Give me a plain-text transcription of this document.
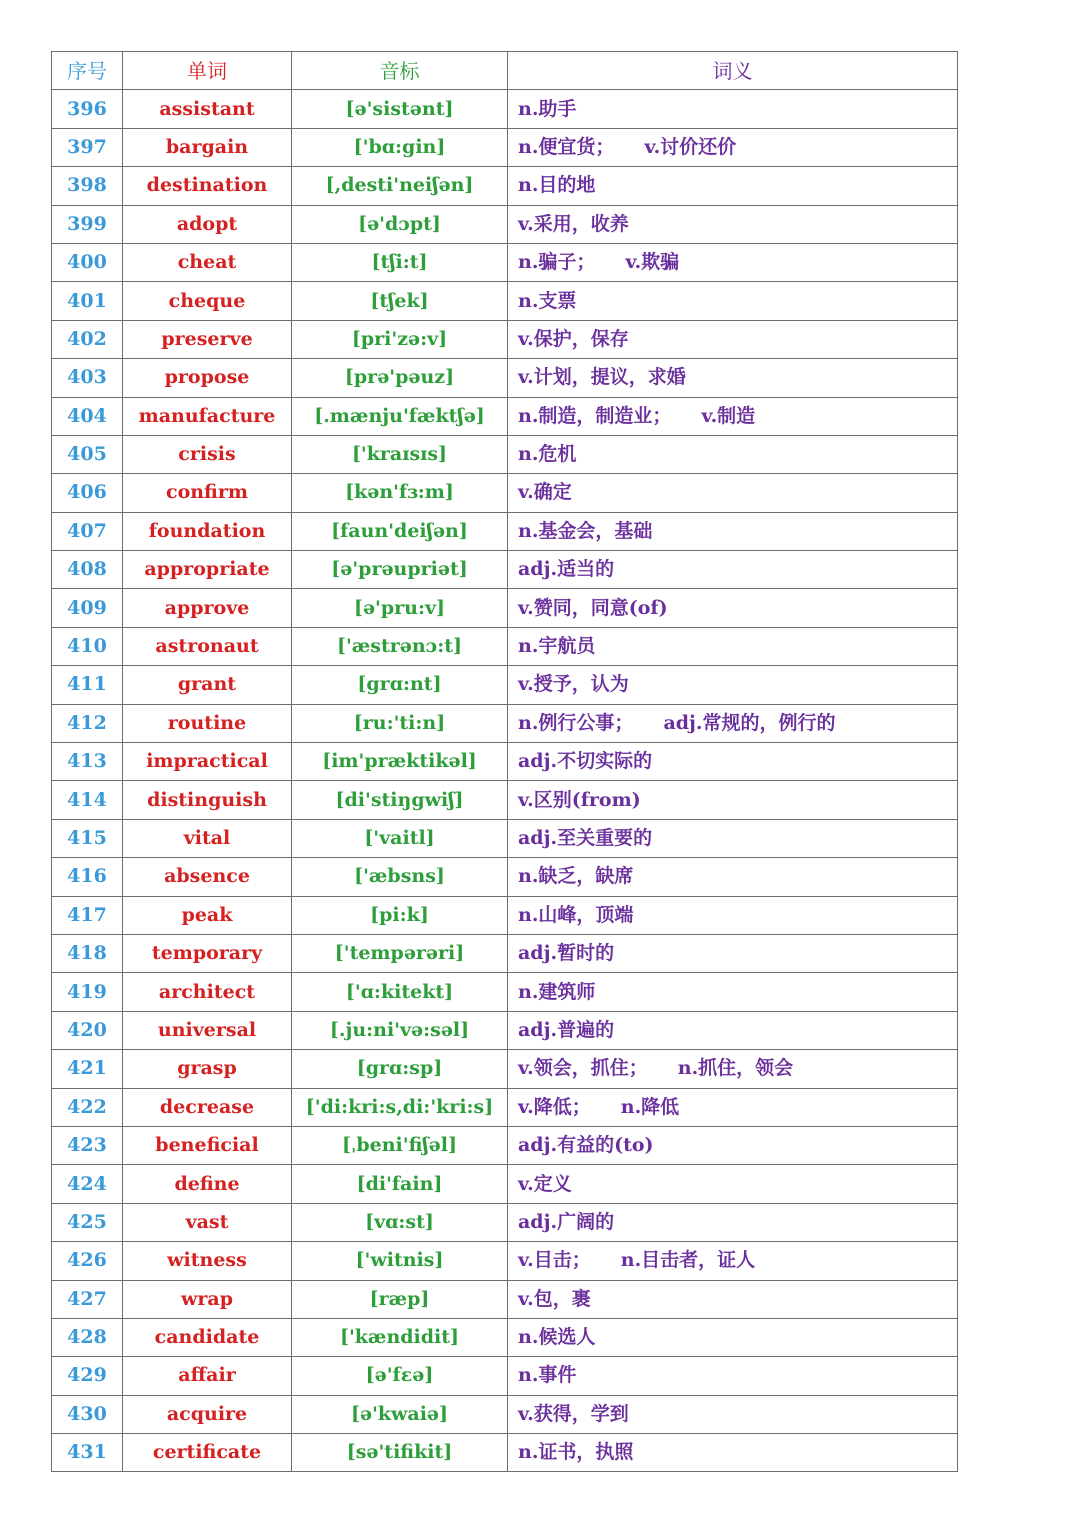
序号	单词	音标	词义
396	assistant	[ə'sistənt]	n.助手
397	bargain	['bɑ:gin]	n.便宜货； v.讨价还价
398	destination	[,desti'neiʃən]	n.目的地
399	adopt	[ə'dɔpt]	v.采用，收养
400	cheat	[tʃi:t]	n.骗子； v.欺骗
401	cheque	[tʃek]	n.支票
402	preserve	[pri'zə:v]	v.保护，保存
403	propose	[prə'pəuz]	v.计划，提议，求婚
404	manufacture	[.mænju'fæktʃə]	n.制造，制造业； v.制造
405	crisis	['kraɪsɪs]	n.危机
406	confirm	[kən'fɜ:m]	v.确定
407	foundation	[faun'deiʃən]	n.基金会，基础
408	appropriate	[ə'prəupriət]	adj.适当的
409	approve	[ə'pru:v]	v.赞同，同意(of)
410	astronaut	['æstrənɔ:t]	n.宇航员
411	grant	[grɑ:nt]	v.授予，认为
412	routine	[ru:'ti:n]	n.例行公事； adj.常规的，例行的
413	impractical	[im'præktikəl]	adj.不切实际的
414	distinguish	[di'stiŋgwiʃ]	v.区别(from)
415	vital	['vaitl]	adj.至关重要的
416	absence	['æbsns]	n.缺乏，缺席
417	peak	[pi:k]	n.山峰，顶端
418	temporary	['tempərəri]	adj.暂时的
419	architect	['ɑ:kitekt]	n.建筑师
420	universal	[.ju:ni'və:səl]	adj.普遍的
421	grasp	[grɑ:sp]	v.领会，抓住； n.抓住，领会
422	decrease	['di:kri:s,di:'kri:s]	v.降低； n.降低
423	beneficial	[ˌbeni'fiʃəl]	adj.有益的(to)
424	define	[di'fain]	v.定义
425	vast	[vɑ:st]	adj.广阔的
426	witness	['witnis]	v.目击； n.目击者，证人
427	wrap	[ræp]	v.包，裹
428	candidate	['kændidit]	n.候选人
429	affair	[ə'fɛə]	n.事件
430	acquire	[ə'kwaiə]	v.获得，学到
431	certificate	[sə'tifikit]	n.证书，执照
